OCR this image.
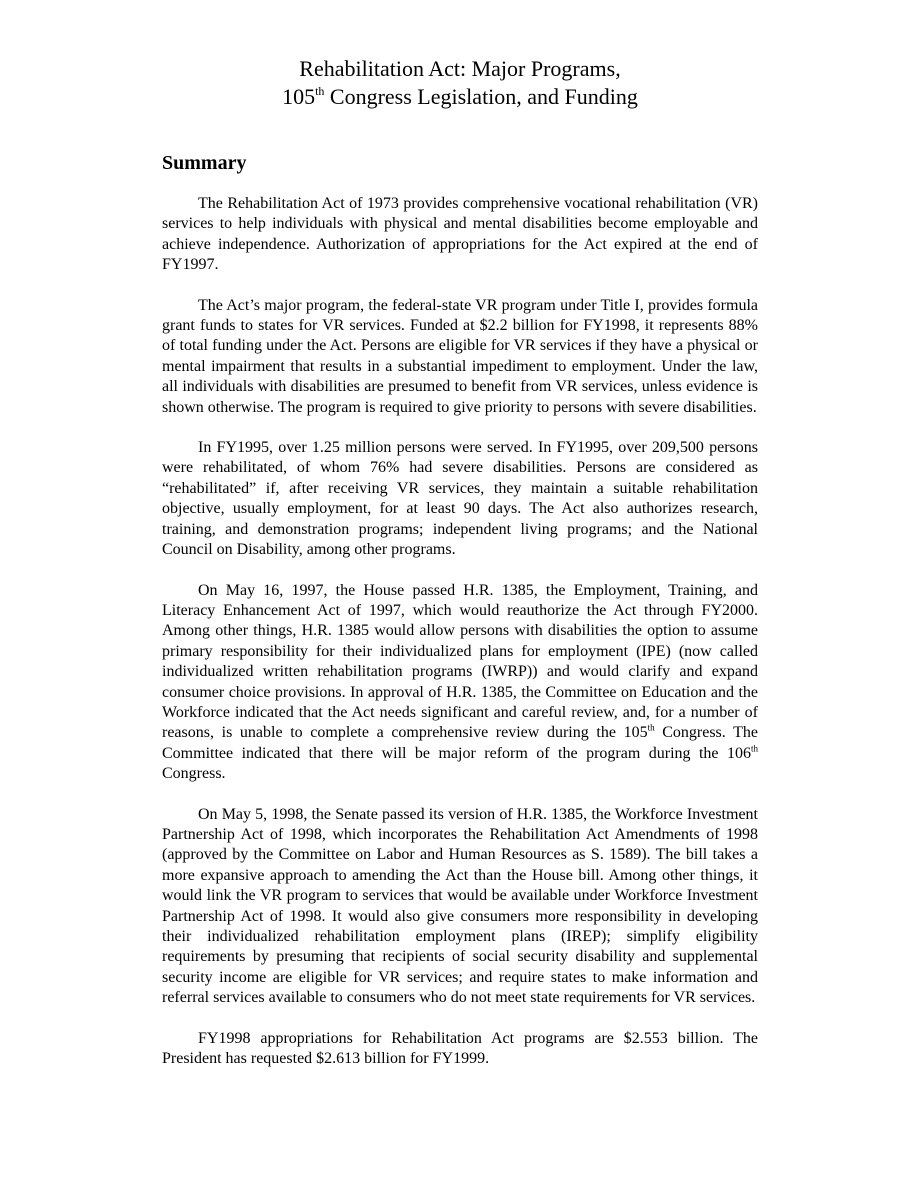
Rehabilitation Act: Major Programs,
105th Congress Legislation, and Funding
Summary

The Rehabilitation Act of 1973 provides comprehensive vocational rehabilitation (VR) services to help individuals with physical and mental disabilities become employable and achieve independence. Authorization of appropriations for the Act expired at the end of FY1997.

The Act’s major program, the federal-state VR program under Title I, provides formula grant funds to states for VR services. Funded at $2.2 billion for FY1998, it represents 88% of total funding under the Act. Persons are eligible for VR services if they have a physical or mental impairment that results in a substantial impediment to employment. Under the law, all individuals with disabilities are presumed to benefit from VR services, unless evidence is shown otherwise. The program is required to give priority to persons with severe disabilities.

In FY1995, over 1.25 million persons were served. In FY1995, over 209,500 persons were rehabilitated, of whom 76% had severe disabilities. Persons are considered as “rehabilitated” if, after receiving VR services, they maintain a suitable rehabilitation objective, usually employment, for at least 90 days. The Act also authorizes research, training, and demonstration programs; independent living programs; and the National Council on Disability, among other programs.

On May 16, 1997, the House passed H.R. 1385, the Employment, Training, and Literacy Enhancement Act of 1997, which would reauthorize the Act through FY2000. Among other things, H.R. 1385 would allow persons with disabilities the option to assume primary responsibility for their individualized plans for employment (IPE) (now called individualized written rehabilitation programs (IWRP)) and would clarify and expand consumer choice provisions. In approval of H.R. 1385, the Committee on Education and the Workforce indicated that the Act needs significant and careful review, and, for a number of reasons, is unable to complete a comprehensive review during the 105th Congress. The Committee indicated that there will be major reform of the program during the 106th Congress.

On May 5, 1998, the Senate passed its version of H.R. 1385, the Workforce Investment Partnership Act of 1998, which incorporates the Rehabilitation Act Amendments of 1998 (approved by the Committee on Labor and Human Resources as S. 1589). The bill takes a more expansive approach to amending the Act than the House bill. Among other things, it would link the VR program to services that would be available under Workforce Investment Partnership Act of 1998. It would also give consumers more responsibility in developing their individualized rehabilitation employment plans (IREP); simplify eligibility requirements by presuming that recipients of social security disability and supplemental security income are eligible for VR services; and require states to make information and referral services available to consumers who do not meet state requirements for VR services.

FY1998 appropriations for Rehabilitation Act programs are $2.553 billion. The President has requested $2.613 billion for FY1999.
